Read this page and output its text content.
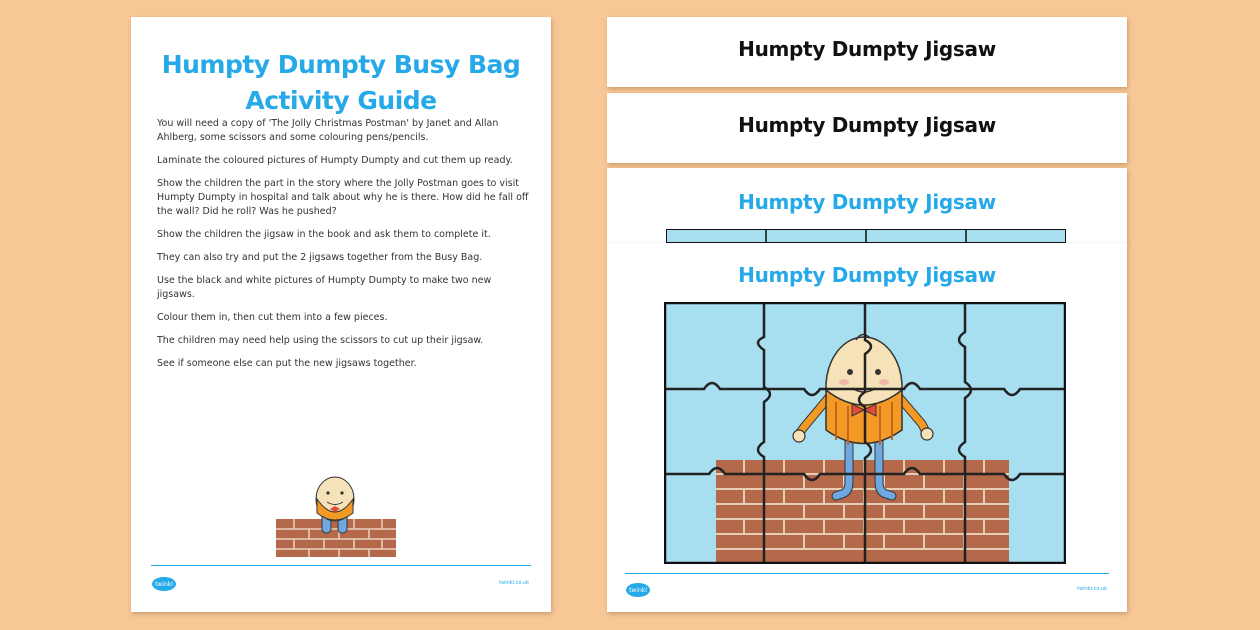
Humpty Dumpty Busy Bag
Activity Guide

You will need a copy of 'The Jolly Christmas Postman' by Janet and Allan Ahlberg, some scissors and some colouring pens/pencils.

Laminate the coloured pictures of Humpty Dumpty and cut them up ready.

Show the children the part in the story where the Jolly Postman goes to visit Humpty Dumpty in hospital and talk about why he is there. How did he fall off the wall? Did he roll? Was he pushed?

Show the children the jigsaw in the book and ask them to complete it.

They can also try and put the 2 jigsaws together from the Busy Bag.

Use the black and white pictures of Humpty Dumpty to make two new jigsaws.

Colour them in, then cut them into a few pieces.

The children may need help using the scissors to cut up their jigsaw.

See if someone else can put the new jigsaws together.

twinkl	twinkl.co.uk
Humpty Dumpty Jigsaw
Humpty Dumpty Jigsaw
Humpty Dumpty Jigsaw
Humpty Dumpty Jigsaw
twinkl	twinkl.co.uk
